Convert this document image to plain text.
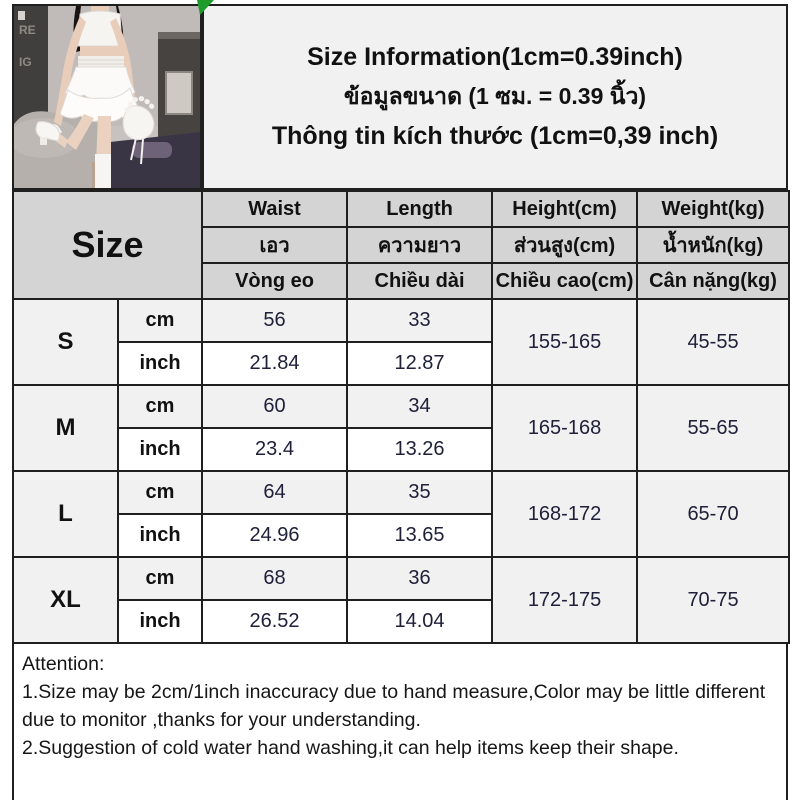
RE
IG	Size Information(1cm=0.39inch)
ข้อมูลขนาด (1 ซม. = 0.39 นิ้ว)
Thông tin kích thước (1cm=0,39 inch)
Size		Waist	Length	Height(cm)	Weight(kg)
		เอว	ความยาว	ส่วนสูง(cm)	น้ำหนัก(kg)
		Vòng eo	Chiều dài	Chiều cao(cm)	Cân nặng(kg)
S	cm	56	33	155-165	45-55
	inch	21.84	12.87		
M	cm	60	34	165-168	55-65
	inch	23.4	13.26		
L	cm	64	35	168-172	65-70
	inch	24.96	13.65		
XL	cm	68	36	172-175	70-75
	inch	26.52	14.04		

Attention:

1.Size may be 2cm/1inch inaccuracy due to hand measure,Color may be little different due to monitor ,thanks for your understanding.

2.Suggestion of cold water hand washing,it can help items keep their shape.
